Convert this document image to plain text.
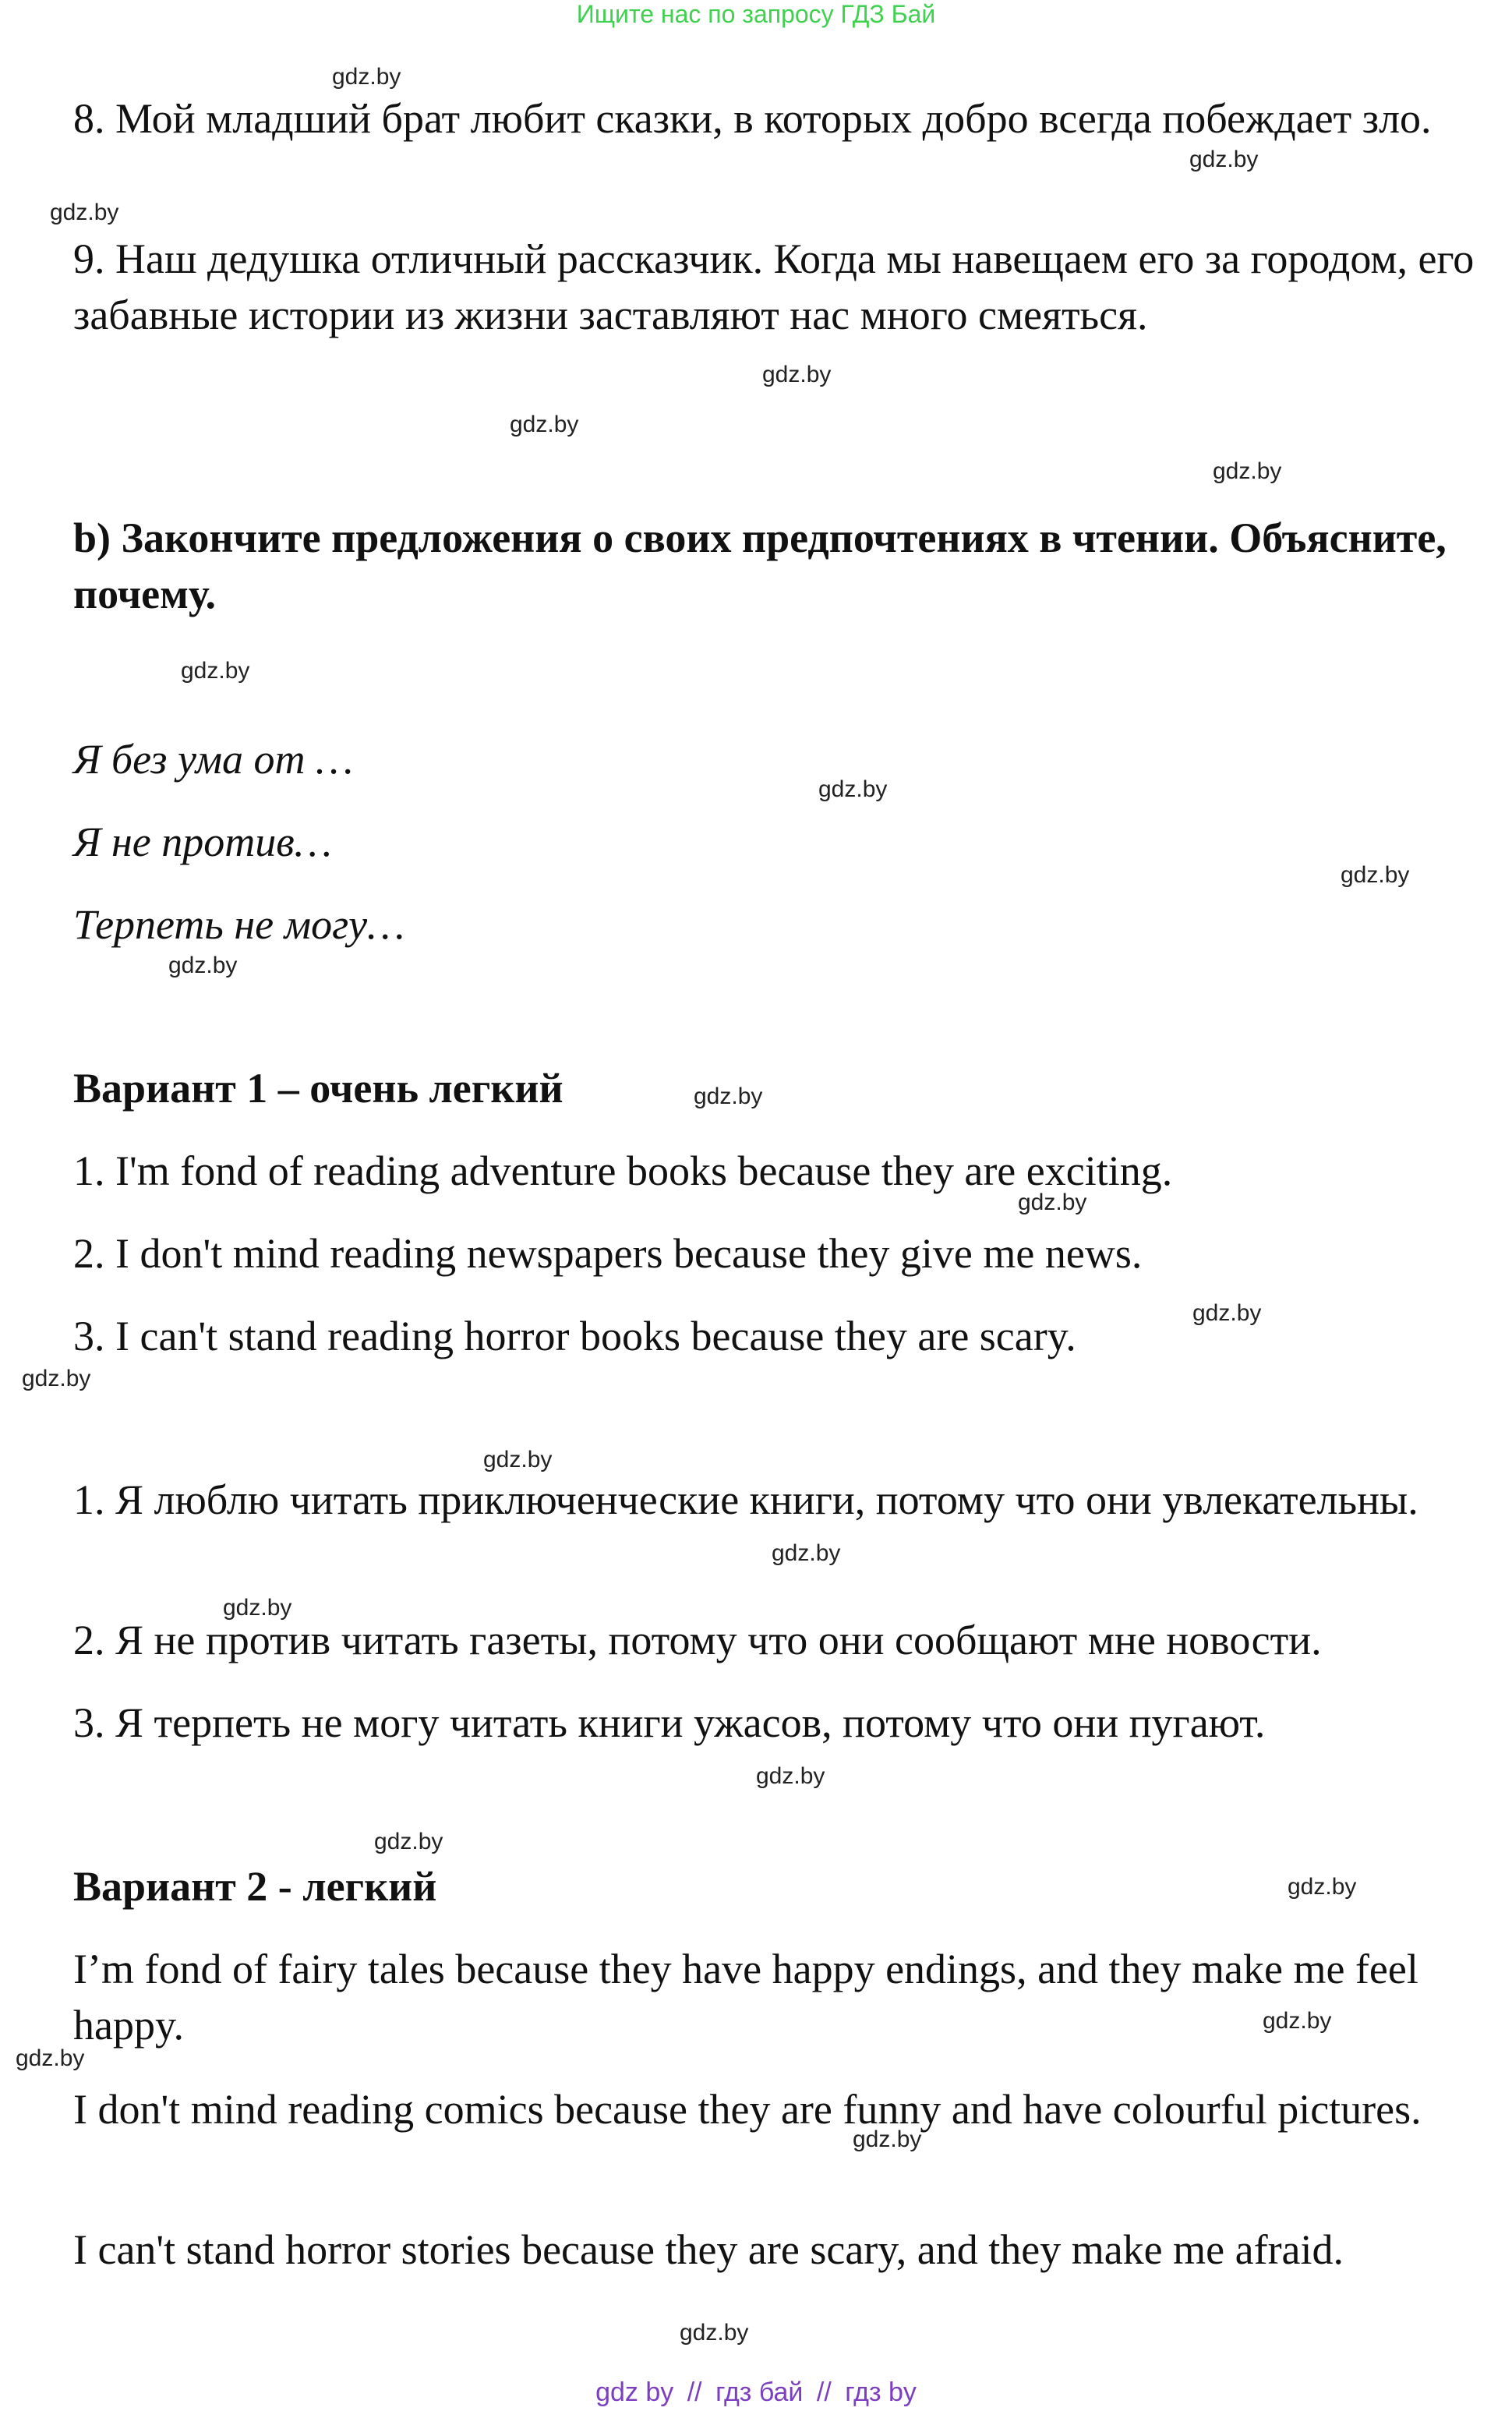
Ищите нас по запросу ГДЗ Бай

8. Мой младший брат любит сказки, в которых добро всегда побеждает зло.

9. Наш дедушка отличный рассказчик. Когда мы навещаем его за городом, его забавные истории из жизни заставляют нас много смеяться.

b) Закончите предложения о своих предпочтениях в чтении. Объясните, почему.

Я без ума от …

Я не против…

Терпеть не могу…

Вариант 1 – очень легкий

1. I'm fond of reading adventure books because they are exciting.

2. I don't mind reading newspapers because they give me news.

3. I can't stand reading horror books because they are scary.

1. Я люблю читать приключенческие книги, потому что они увлекательны.

2. Я не против читать газеты, потому что они сообщают мне новости.

3. Я терпеть не могу читать книги ужасов, потому что они пугают.

Вариант 2 - легкий

I’m fond of fairy tales because they have happy endings, and they make me feel happy.

I don't mind reading comics because they are funny and have colourful pictures.

I can't stand horror stories because they are scary, and they make me afraid.

gdz.by
gdz.by
gdz.by
gdz.by
gdz.by
gdz.by
gdz.by
gdz.by
gdz.by
gdz.by
gdz.by
gdz.by
gdz.by
gdz.by
gdz.by
gdz.by
gdz.by
gdz.by
gdz.by
gdz.by
gdz.by
gdz.by
gdz.by
gdz.by
gdz by // гдз бай // гдз by
